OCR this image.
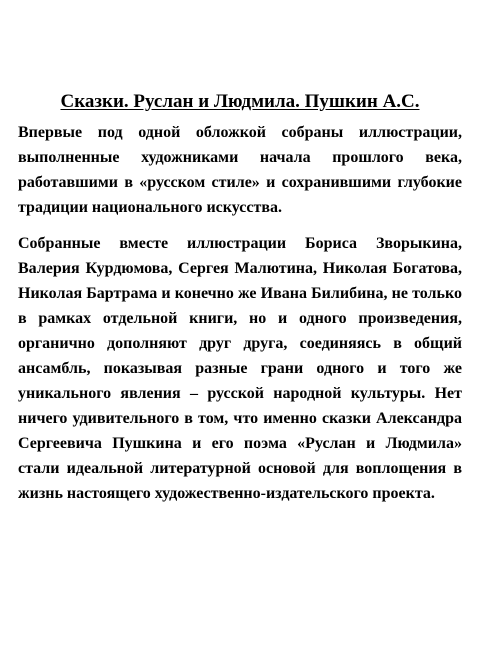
Сказки. Руслан и Людмила. Пушкин А.С.

Впервые под одной обложкой собраны иллюстрации, выполненные художниками начала прошлого века, работавшими в «русском стиле» и сохранившими глубокие традиции национального искусства.

Собранные вместе иллюстрации Бориса Зворыкина, Валерия Курдюмова, Сергея Малютина, Николая Богатова, Николая Бартрама и конечно же Ивана Билибина, не только в рамках отдельной книги, но и одного произведения, органично дополняют друг друга, соединяясь в общий ансамбль, показывая разные грани одного и того же уникального явления – русской народной культуры. Нет ничего удивительного в том, что именно сказки Александра Сергеевича Пушкина и его поэма «Руслан и Людмила» стали идеальной литературной основой для воплощения в жизнь настоящего художественно-издательского проекта.
